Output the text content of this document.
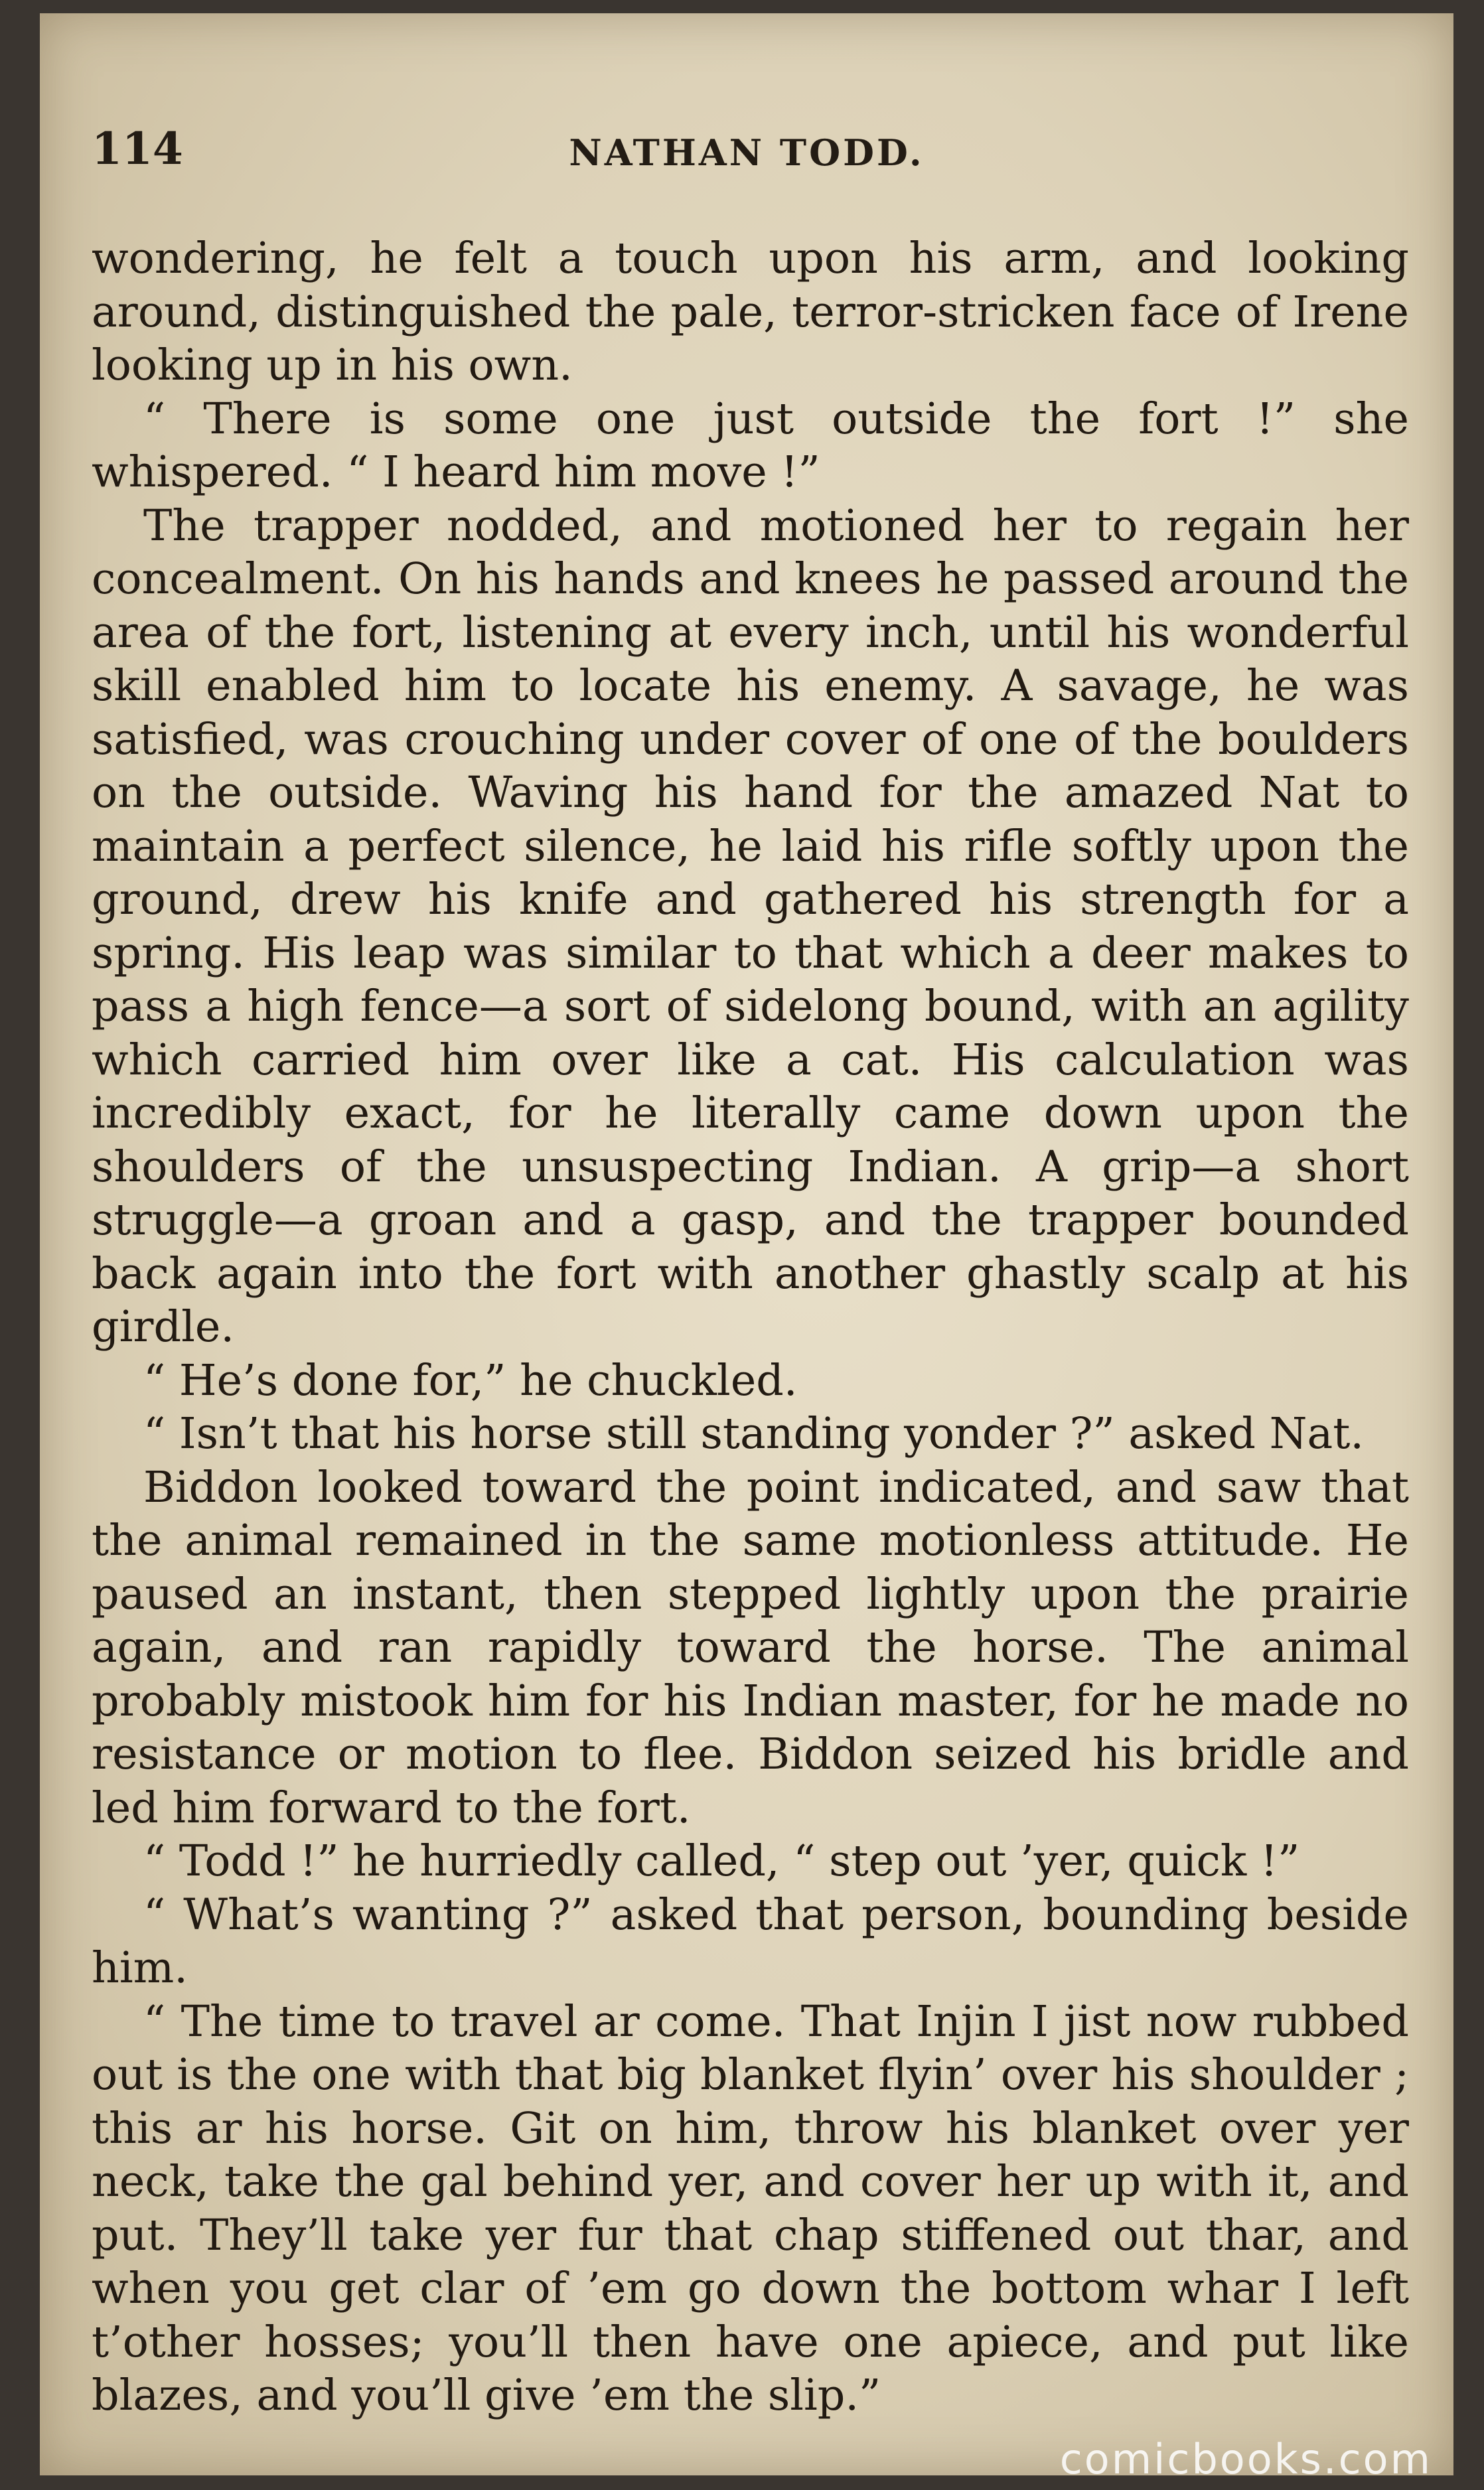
114	NATHAN TODD.

wondering, he felt a touch upon his arm, and looking around, distinguished the pale, terror-stricken face of Irene looking up in his own.

“ There is some one just outside the fort !” she whispered. “ I heard him move !”

The trapper nodded, and motioned her to regain her concealment. On his hands and knees he passed around the area of the fort, listening at every inch, until his wonderful skill enabled him to locate his enemy. A savage, he was satisfied, was crouching under cover of one of the boulders on the outside. Waving his hand for the amazed Nat to maintain a perfect silence, he laid his rifle softly upon the ground, drew his knife and gathered his strength for a spring. His leap was similar to that which a deer makes to pass a high fence—a sort of sidelong bound, with an agility which carried him over like a cat. His calculation was incredibly exact, for he literally came down upon the shoulders of the unsuspecting Indian. A grip—a short struggle—a groan and a gasp, and the trapper bounded back again into the fort with another ghastly scalp at his girdle.

“ He’s done for,” he chuckled.

“ Isn’t that his horse still standing yonder ?” asked Nat.

Biddon looked toward the point indicated, and saw that the animal remained in the same motionless attitude. He paused an instant, then stepped lightly upon the prairie again, and ran rapidly toward the horse. The animal probably mistook him for his Indian master, for he made no resistance or motion to flee. Biddon seized his bridle and led him forward to the fort.

“ Todd !” he hurriedly called, “ step out ’yer, quick !”

“ What’s wanting ?” asked that person, bounding beside him.

“ The time to travel ar come. That Injin I jist now rubbed out is the one with that big blanket flyin’ over his shoulder ; this ar his horse. Git on him, throw his blanket over yer neck, take the gal behind yer, and cover her up with it, and put. They’ll take yer fur that chap stiffened out thar, and when you get clar of ’em go down the bottom whar I left t’other hosses; you’ll then have one apiece, and put like blazes, and you’ll give ’em the slip.”

comicbooks.com
